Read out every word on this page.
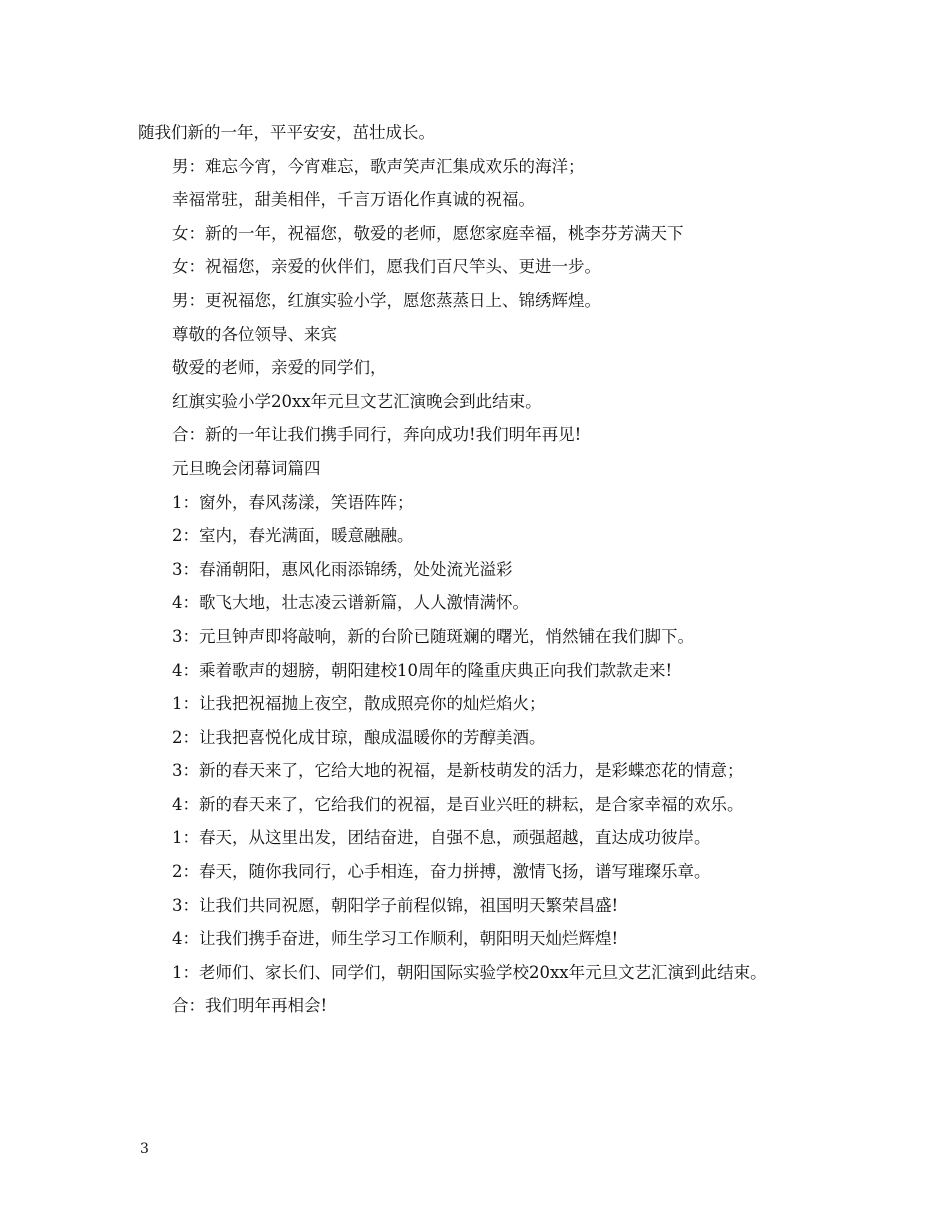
随我们新的一年，平平安安，茁壮成长。

男：难忘今宵，今宵难忘，歌声笑声汇集成欢乐的海洋；

幸福常驻，甜美相伴，千言万语化作真诚的祝福。

女：新的一年，祝福您，敬爱的老师，愿您家庭幸福，桃李芬芳满天下

女：祝福您，亲爱的伙伴们，愿我们百尺竿头、更进一步。

男：更祝福您，红旗实验小学，愿您蒸蒸日上、锦绣辉煌。

尊敬的各位领导、来宾

敬爱的老师，亲爱的同学们，

红旗实验小学20xx年元旦文艺汇演晚会到此结束。

合：新的一年让我们携手同行，奔向成功!我们明年再见!

元旦晚会闭幕词篇四

1：窗外，春风荡漾，笑语阵阵；

2：室内，春光满面，暖意融融。

3：春涌朝阳，惠风化雨添锦绣，处处流光溢彩

4：歌飞大地，壮志凌云谱新篇，人人激情满怀。

3：元旦钟声即将敲响，新的台阶已随斑斓的曙光，悄然铺在我们脚下。

4：乘着歌声的翅膀，朝阳建校10周年的隆重庆典正向我们款款走来!

1：让我把祝福抛上夜空，散成照亮你的灿烂焰火；

2：让我把喜悦化成甘琼，酿成温暖你的芳醇美酒。

3：新的春天来了，它给大地的祝福，是新枝萌发的活力，是彩蝶恋花的情意；

4：新的春天来了，它给我们的祝福，是百业兴旺的耕耘，是合家幸福的欢乐。

1：春天，从这里出发，团结奋进，自强不息，顽强超越，直达成功彼岸。

2：春天，随你我同行，心手相连，奋力拼搏，激情飞扬，谱写璀璨乐章。

3：让我们共同祝愿，朝阳学子前程似锦，祖国明天繁荣昌盛!

4：让我们携手奋进，师生学习工作顺利，朝阳明天灿烂辉煌!

1：老师们、家长们、同学们，朝阳国际实验学校20xx年元旦文艺汇演到此结束。

合：我们明年再相会!

3
